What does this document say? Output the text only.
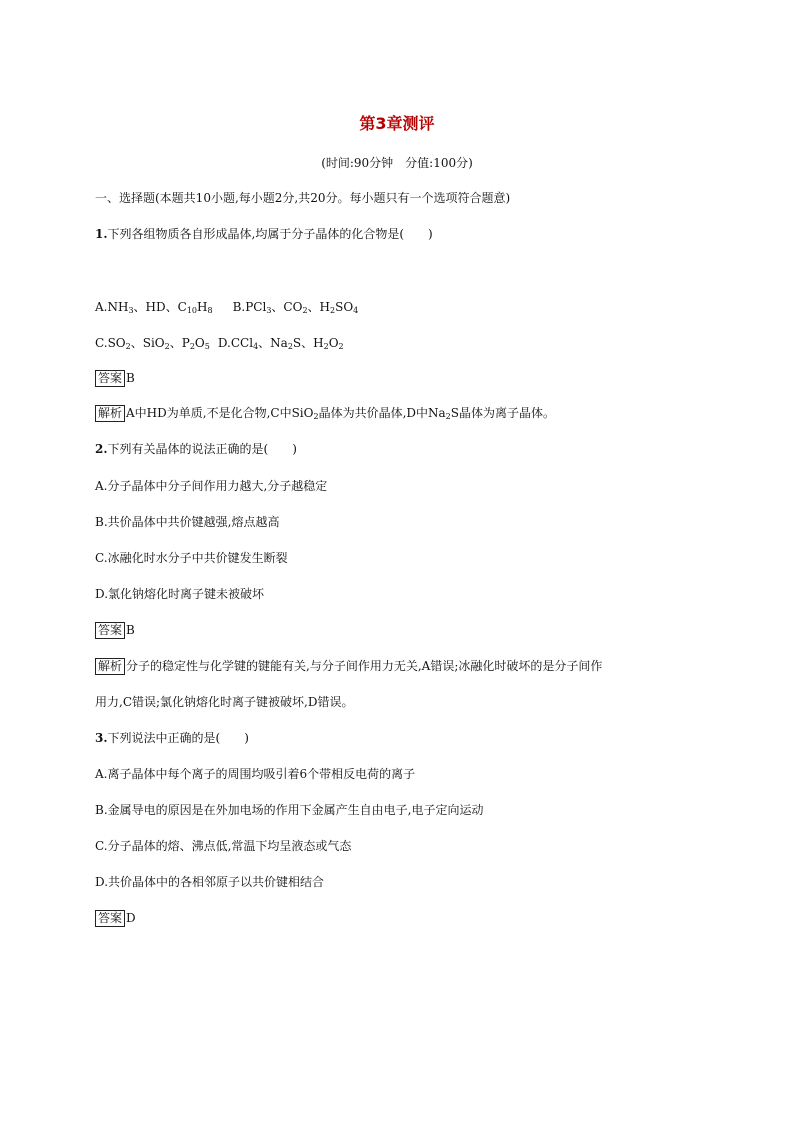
第3章测评
(时间:90分钟　分值:100分)
一、选择题(本题共10小题,每小题2分,共20分。每小题只有一个选项符合题意)
1.下列各组物质各自形成晶体,均属于分子晶体的化合物是(　　)
$A.NH_3$、HD、$C_{10}H_8$ B.PCl$_3$、$CO_2$、$H_2SO_4$
$C.SO_2$、SiO$_2$、$P_2O_5$ D.CCl$_4$、$Na_2S$、$H_2O_2$
答案 B
解析 A中HD为单质,不是化合物,C中SiO$_2$晶体为共价晶体,D中$Na_2S$晶体为离子晶体。
2.下列有关晶体的说法正确的是(　　)
A.分子晶体中分子间作用力越大,分子越稳定
B.共价晶体中共价键越强,熔点越高
C.冰融化时水分子中共价键发生断裂
D.氯化钠熔化时离子键未被破坏
答案 B
解析 分子的稳定性与化学键的键能有关,与分子间作用力无关,A错误;冰融化时破坏的是分子间作
用力,C错误;氯化钠熔化时离子键被破坏,D错误。
3.下列说法中正确的是(　　)
A.离子晶体中每个离子的周围均吸引着6个带相反电荷的离子
B.金属导电的原因是在外加电场的作用下金属产生自由电子,电子定向运动
C.分子晶体的熔、沸点低,常温下均呈液态或气态
D.共价晶体中的各相邻原子以共价键相结合
答案 D
